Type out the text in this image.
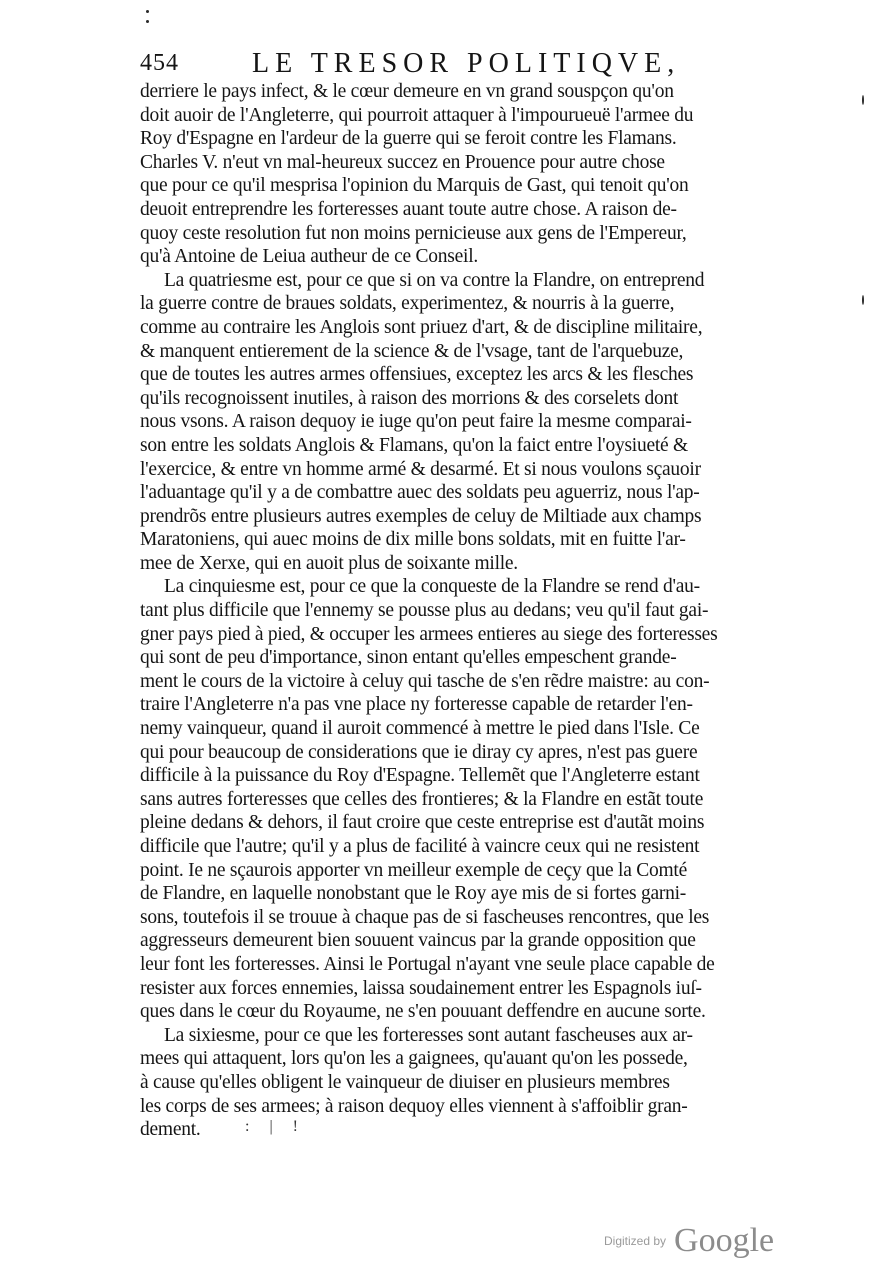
454	LE TRESOR POLITIQVE,
derriere le pays infect, & le cœur demeure en vn grand souspçon qu'on
doit auoir de l'Angleterre, qui pourroit attaquer à l'impourueuë l'armee du
Roy d'Espagne en l'ardeur de la guerre qui se feroit contre les Flamans.
Charles V. n'eut vn mal-heureux succez en Prouence pour autre chose
que pour ce qu'il mesprisa l'opinion du Marquis de Gast, qui tenoit qu'on
deuoit entreprendre les forteresses auant toute autre chose. A raison de-
quoy ceste resolution fut non moins pernicieuse aux gens de l'Empereur,
qu'à Antoine de Leiua autheur de ce Conseil.
La quatriesme est, pour ce que si on va contre la Flandre, on entreprend
la guerre contre de braues soldats, experimentez, & nourris à la guerre,
comme au contraire les Anglois sont priuez d'art, & de discipline militaire,
& manquent entierement de la science & de l'vsage, tant de l'arquebuze,
que de toutes les autres armes offensiues, exceptez les arcs & les flesches
qu'ils recognoissent inutiles, à raison des morrions & des corselets dont
nous vsons. A raison dequoy ie iuge qu'on peut faire la mesme comparai-
son entre les soldats Anglois & Flamans, qu'on la faict entre l'oysiueté &
l'exercice, & entre vn homme armé & desarmé. Et si nous voulons sçauoir
l'aduantage qu'il y a de combattre auec des soldats peu aguerriz, nous l'ap-
prendrõs entre plusieurs autres exemples de celuy de Miltiade aux champs
Maratoniens, qui auec moins de dix mille bons soldats, mit en fuitte l'ar-
mee de Xerxe, qui en auoit plus de soixante mille.
La cinquiesme est, pour ce que la conqueste de la Flandre se rend d'au-
tant plus difficile que l'ennemy se pousse plus au dedans; veu qu'il faut gai-
gner pays pied à pied, & occuper les armees entieres au siege des forteresses
qui sont de peu d'importance, sinon entant qu'elles empeschent grande-
ment le cours de la victoire à celuy qui tasche de s'en rẽdre maistre: au con-
traire l'Angleterre n'a pas vne place ny forteresse capable de retarder l'en-
nemy vainqueur, quand il auroit commencé à mettre le pied dans l'Isle. Ce
qui pour beaucoup de considerations que ie diray cy apres, n'est pas guere
difficile à la puissance du Roy d'Espagne. Tellemẽt que l'Angleterre estant
sans autres forteresses que celles des frontieres; & la Flandre en estãt toute
pleine dedans & dehors, il faut croire que ceste entreprise est d'autãt moins
difficile que l'autre; qu'il y a plus de facilité à vaincre ceux qui ne resistent
point. Ie ne sçaurois apporter vn meilleur exemple de ceçy que la Comté
de Flandre, en laquelle nonobstant que le Roy aye mis de si fortes garni-
sons, toutefois il se trouue à chaque pas de si fascheuses rencontres, que les
aggresseurs demeurent bien souuent vaincus par la grande opposition que
leur font les forteresses. Ainsi le Portugal n'ayant vne seule place capable de
resister aux forces ennemies, laissa soudainement entrer les Espagnols iuſ-
ques dans le cœur du Royaume, ne s'en pouuant deffendre en aucune sorte.
La sixiesme, pour ce que les forteresses sont autant fascheuses aux ar-
mees qui attaquent, lors qu'on les a gaignees, qu'auant qu'on les possede,
à cause qu'elles obligent le vainqueur de diuiser en plusieurs membres
les corps de ses armees; à raison dequoy elles viennent à s'affoiblir gran-
dement.	: | !
Digitized by Google
